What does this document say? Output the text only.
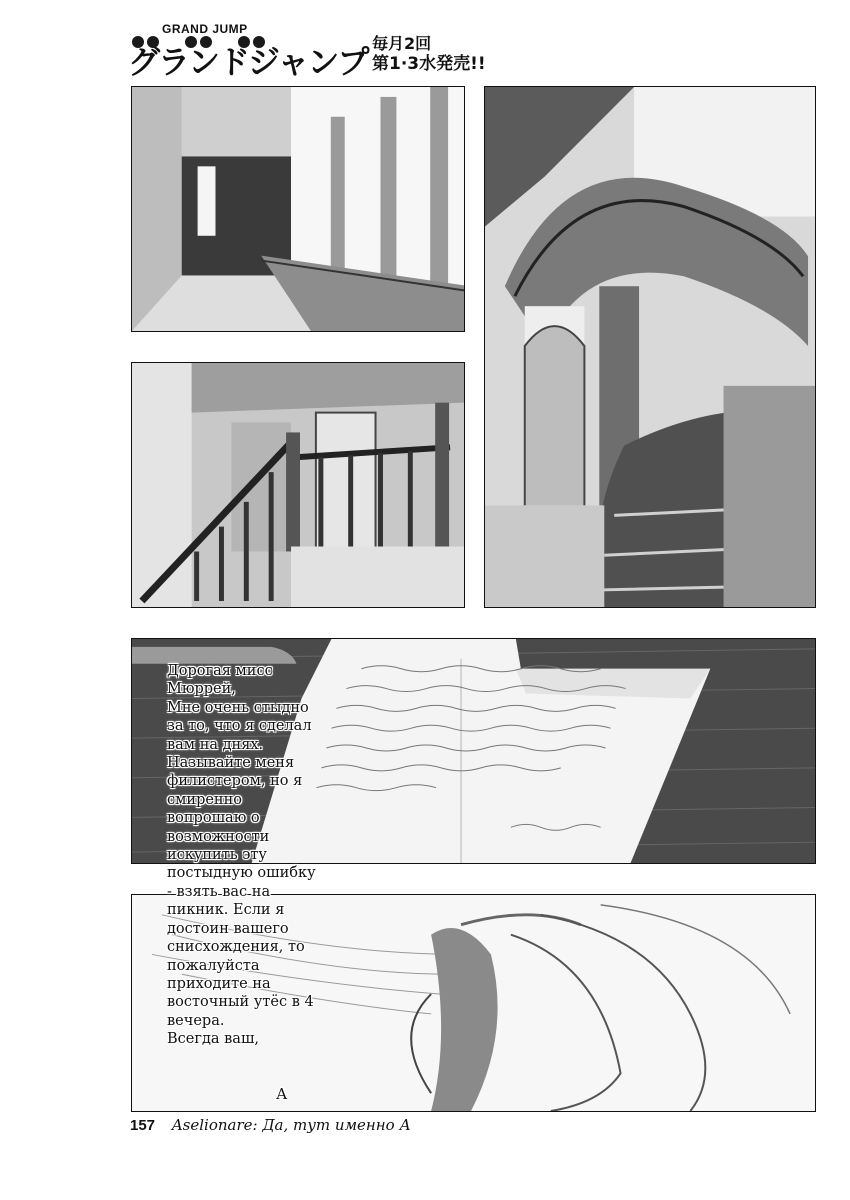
GRAND JUMP
グランドジャンプ 毎月2回
第1·3水発売!!
Дорогая мисс
Мюррей,
Мне очень стыдно
за то, что я сделал
вам на днях.
Называйте меня
филистером, но я
смиренно
вопрошаю о
возможности
искупить эту
постыдную ошибку
- взять вас на
пикник. Если я
достоин вашего
снисхождения, то
пожалуйста
приходите на
восточный утёс в 4
вечера.
Всегда ваш,
А
157 Aselionare: Да, тут именно А
